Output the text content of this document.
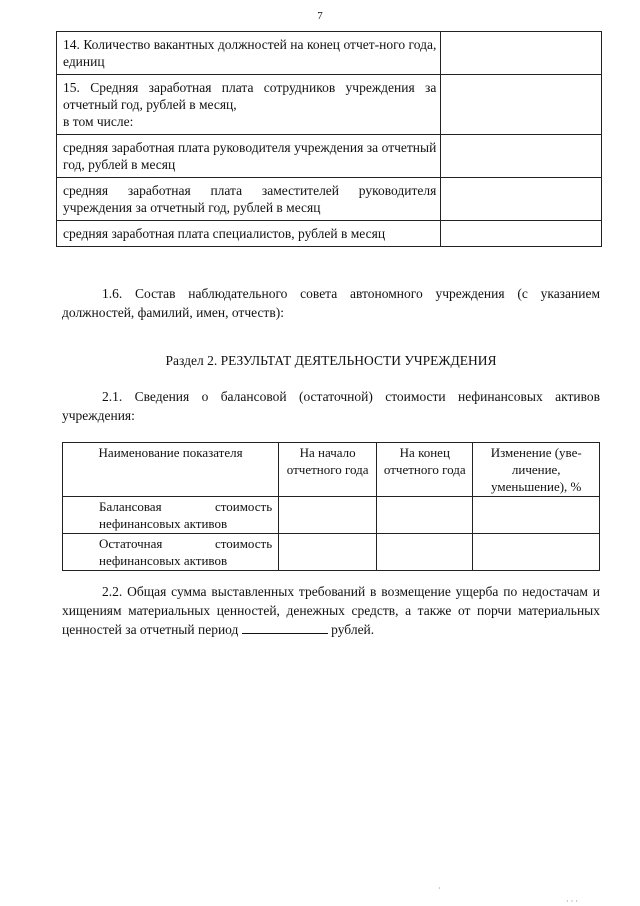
7
14. Количество вакантных должностей на конец отчет-ного года, единиц	

15. Средняя заработная плата сотрудников учреждения за отчетный год, рублей в месяц,
в том числе:	

средняя заработная плата руководителя учреждения за отчетный год, рублей в месяц	
средняя заработная плата заместителей руководителя учреждения за отчетный год, рублей в месяц	
средняя заработная плата специалистов, рублей в месяц	
1.6. Состав наблюдательного совета автономного учреждения (с указанием должностей, фамилий, имен, отчеств):
Раздел 2. РЕЗУЛЬТАТ ДЕЯТЕЛЬНОСТИ УЧРЕЖДЕНИЯ
2.1. Сведения о балансовой (остаточной) стоимости нефинансовых активов учреждения:
Наименование показателя	На начало отчетного года	На конец отчетного года	Изменение (уве-личение, уменьшение), %
Балансовая стоимость нефинансовых активов			
Остаточная стоимость нефинансовых активов			
2.2. Общая сумма выставленных требований в возмещение ущерба по недостачам и хищениям материальных ценностей, денежных средств, а также от порчи материальных ценностей за отчетный период	рублей.
·
· · ·
